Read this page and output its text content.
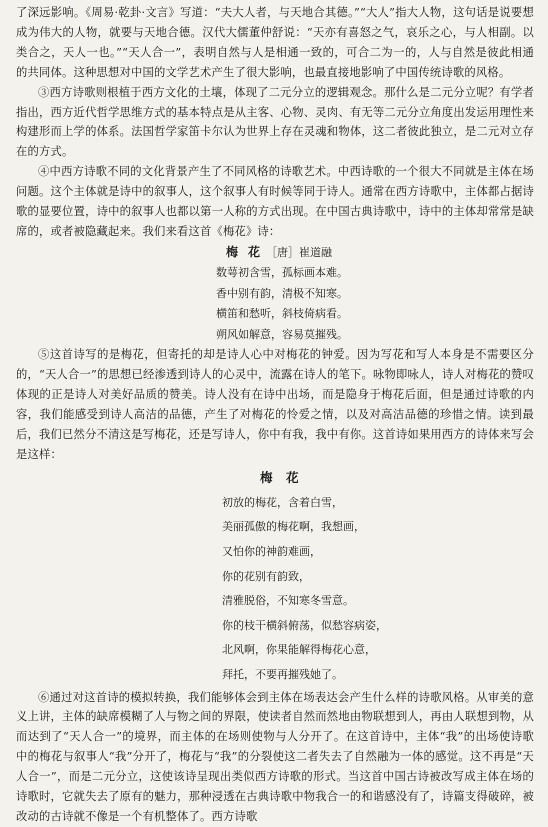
了深远影响。《周易·乾卦·文言》写道：“夫大人者，与天地合其德。”“大人”指大人物，这句话是说要想成为伟大的人物，就要与天地合德。汉代大儒董仲舒说：“天亦有喜怒之气，哀乐之心，与人相副。以类合之，天人一也。”“天人合一”，表明自然与人是相通一致的，可合二为一的，人与自然是彼此相通的共同体。这种思想对中国的文学艺术产生了很大影响，也最直接地影响了中国传统诗歌的风格。

③西方诗歌则根植于西方文化的土壤，体现了二元分立的逻辑观念。那什么是二元分立呢？有学者指出，西方近代哲学思维方式的基本特点是从主客、心物、灵肉、有无等二元分立角度出发运用理性来构建形而上学的体系。法国哲学家笛卡尔认为世界上存在灵魂和物体，这二者彼此独立，是二元对立存在的方式。

④中西方诗歌不同的文化背景产生了不同风格的诗歌艺术。中西诗歌的一个很大不同就是主体在场问题。这个主体就是诗中的叙事人，这个叙事人有时候等同于诗人。通常在西方诗歌中，主体都占据诗歌的显要位置，诗中的叙事人也都以第一人称的方式出现。在中国古典诗歌中，诗中的主体却常常是缺席的，或者被隐藏起来。我们来看这首《梅花》诗：

梅 花 ［唐］崔道融
数萼初含雪，孤标画本难。
香中别有韵，清极不知寒。
横笛和愁听，斜枝倚病看。
朔风如解意，容易莫摧残。

⑤这首诗写的是梅花，但寄托的却是诗人心中对梅花的钟爱。因为写花和写人本身是不需要区分的，“天人合一”的思想已经渗透到诗人的心灵中，流露在诗人的笔下。咏物即咏人，诗人对梅花的赞叹体现的正是诗人对美好品质的赞美。诗人没有在诗中出场，而是隐身于梅花后面，但是通过诗歌的内容，我们能感受到诗人高洁的品德，产生了对梅花的怜爱之情，以及对高洁品德的珍惜之情。读到最后，我们已然分不清这是写梅花，还是写诗人，你中有我，我中有你。这首诗如果用西方的诗体来写会是这样：

梅 花
初放的梅花，含着白雪，
美丽孤傲的梅花啊，我想画，
又怕你的神韵难画，
你的花别有韵致，
清雅脱俗，不知寒冬雪意。
你的枝干横斜俯荡，似愁容病姿，
北风啊，你果能解得梅花心意，
拜托，不要再摧残她了。

⑥通过对这首诗的模拟转换，我们能够体会到主体在场表达会产生什么样的诗歌风格。从审美的意义上讲，主体的缺席模糊了人与物之间的界限，使读者自然而然地由物联想到人，再由人联想到物，从而达到了“天人合一”的境界，而主体的在场则使物与人分开了。在这首诗中，主体“我”的出场使诗歌中的梅花与叙事人“我”分开了，梅花与“我”的分裂使这二者失去了自然融为一体的感觉。这不再是“天人合一”，而是二元分立，这使该诗呈现出类似西方诗歌的形式。当这首中国古诗被改写成主体在场的诗歌时，它就失去了原有的魅力，那种浸透在古典诗歌中物我合一的和谐感没有了，诗篇支得破碎，被改动的古诗就不像是一个有机整体了。西方诗歌
